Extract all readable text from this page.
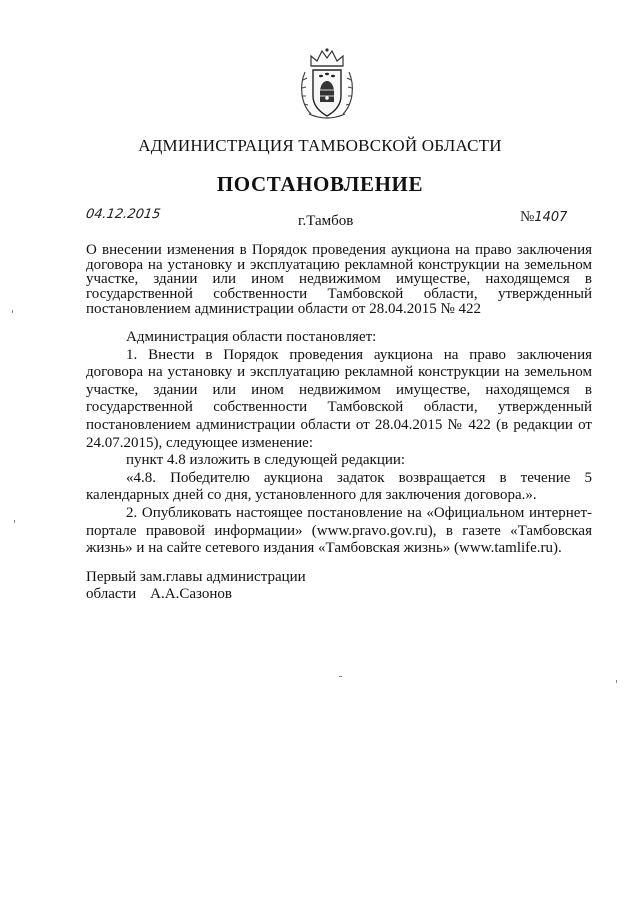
АДМИНИСТРАЦИЯ ТАМБОВСКОЙ ОБЛАСТИ
ПОСТАНОВЛЕНИЕ
04.12.2015	г.Тамбов	№1407
О внесении изменения в Порядок проведения аукциона на право заключения договора на установку и эксплуатацию рекламной конструкции на земельном участке, здании или ином недвижимом имуществе, находящемся в государственной собственности Тамбовской области, утвержденный постановлением администрации области от 28.04.2015 № 422

Администрация области постановляет:

1. Внести в Порядок проведения аукциона на право заключения договора на установку и эксплуатацию рекламной конструкции на земельном участке, здании или ином недвижимом имуществе, находящемся в государственной собственности Тамбовской области, утвержденный постановлением администрации области от 28.04.2015 № 422 (в редакции от 24.07.2015), следующее изменение:

пункт 4.8 изложить в следующей редакции:

«4.8. Победителю аукциона задаток возвращается в течение 5 календарных дней со дня, установленного для заключения договора.».

2. Опубликовать настоящее постановление на «Официальном интернет-портале правовой информации» (www.pravo.gov.ru), в газете «Тамбовская жизнь» и на сайте сетевого издания «Тамбовская жизнь» (www.tamlife.ru).

Первый зам.главы администрации
области А.А.Сазонов
